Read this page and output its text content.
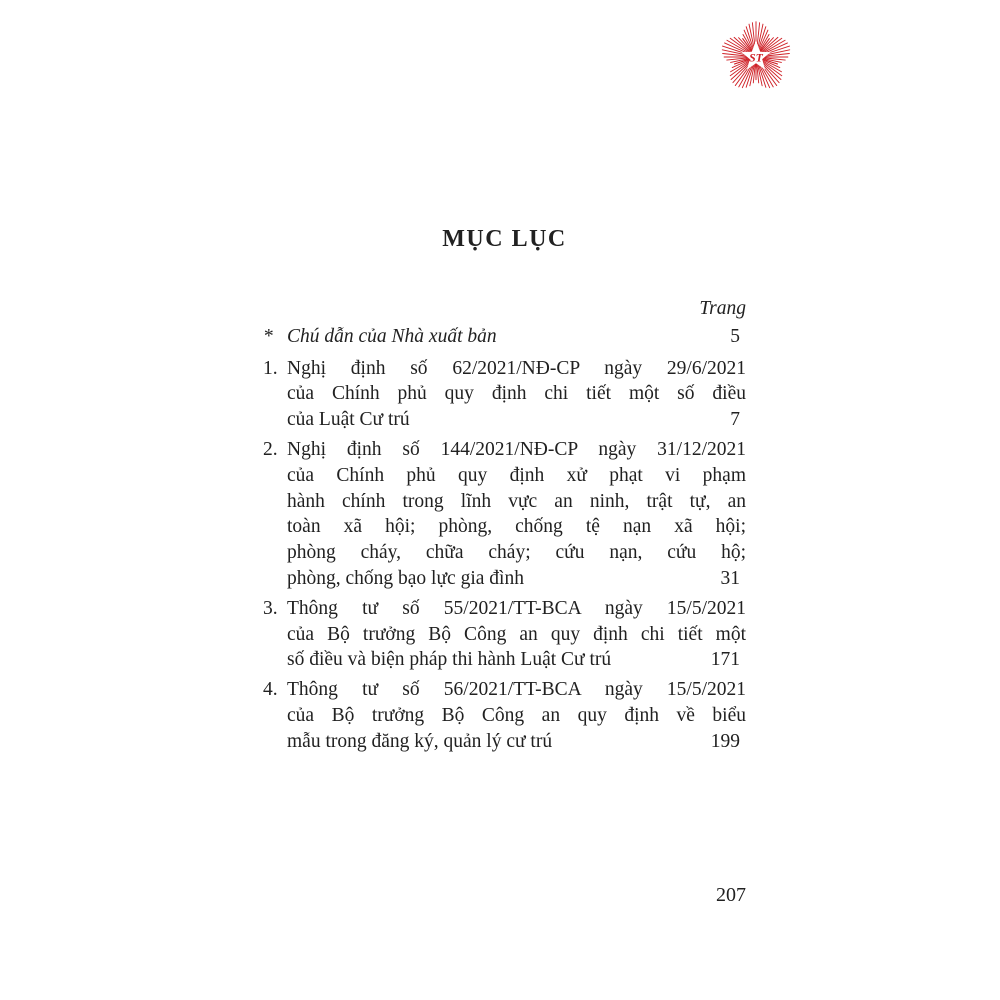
ST
MỤC LỤC
Trang
* Chú dẫn của Nhà xuất bản	5
1. Nghị định số 62/2021/NĐ-CP ngày 29/6/2021
của Chính phủ quy định chi tiết một số điều
của Luật Cư trú	7
2. Nghị định số 144/2021/NĐ-CP ngày 31/12/2021
của Chính phủ quy định xử phạt vi phạm
hành chính trong lĩnh vực an ninh, trật tự, an
toàn xã hội; phòng, chống tệ nạn xã hội;
phòng cháy, chữa cháy; cứu nạn, cứu hộ;
phòng, chống bạo lực gia đình	31
3. Thông tư số 55/2021/TT-BCA ngày 15/5/2021
của Bộ trưởng Bộ Công an quy định chi tiết một
số điều và biện pháp thi hành Luật Cư trú	171
4. Thông tư số 56/2021/TT-BCA ngày 15/5/2021
của Bộ trưởng Bộ Công an quy định về biểu
mẫu trong đăng ký, quản lý cư trú	199
207
